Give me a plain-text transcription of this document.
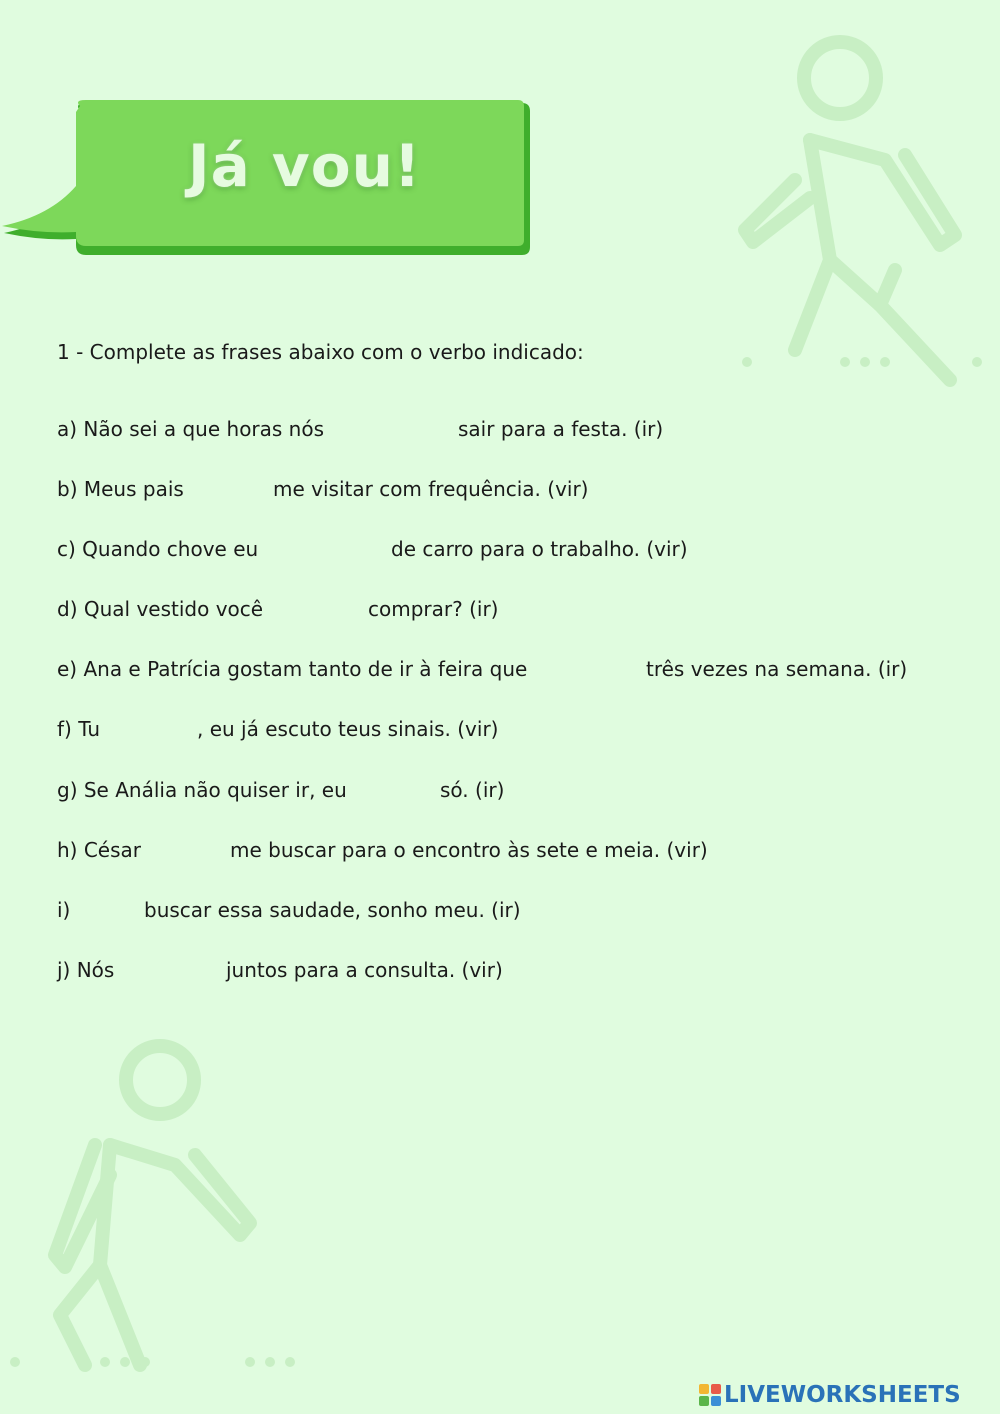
Já vou!
1 - Complete as frases abaixo com o verbo indicado:
a) Não sei a que horas nós	sair para a festa. (ir)
b) Meus pais	me visitar com frequência. (vir)
c) Quando chove eu	de carro para o trabalho. (vir)
d) Qual vestido você	comprar? (ir)
e) Ana e Patrícia gostam tanto de ir à feira que	três vezes na semana. (ir)
f) Tu	, eu já escuto teus sinais. (vir)
g) Se Anália não quiser ir, eu	só. (ir)
h) César	me buscar para o encontro às sete e meia. (vir)
i)	buscar essa saudade, sonho meu. (ir)
j) Nós	juntos para a consulta. (vir)
LIVEWORKSHEETS
